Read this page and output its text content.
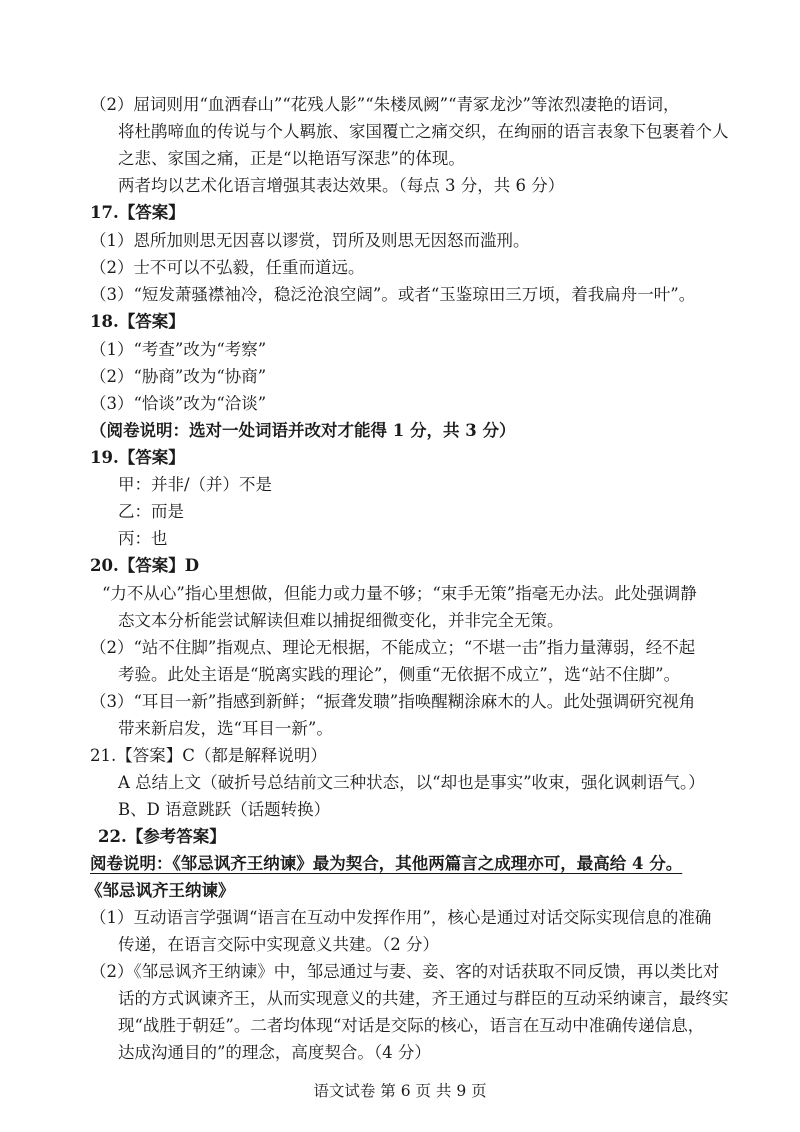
（2）屈词则用“血洒春山”“花残人影”“朱楼凤阙”“青冢龙沙”等浓烈凄艳的语词，
将杜鹃啼血的传说与个人羁旅、家国覆亡之痛交织，在绚丽的语言表象下包裹着个人
之悲、家国之痛，正是“以艳语写深悲”的体现。
两者均以艺术化语言增强其表达效果。（每点 3 分，共 6 分）
17.【答案】
（1）恩所加则思无因喜以谬赏，罚所及则思无因怒而滥刑。
（2）士不可以不弘毅，任重而道远。
（3）“短发萧骚襟袖冷，稳泛沧浪空阔”。或者“玉鉴琼田三万顷，着我扁舟一叶”。
18.【答案】
（1）“考查”改为“考察”
（2）“胁商”改为“协商”
（3）“恰谈”改为“洽谈”
（阅卷说明：选对一处词语并改对才能得 1 分，共 3 分）
19.【答案】
甲：并非/（并）不是
乙：而是
丙：也
20.【答案】D
“力不从心”指心里想做，但能力或力量不够；“束手无策”指毫无办法。此处强调静
态文本分析能尝试解读但难以捕捉细微变化，并非完全无策。
（2）“站不住脚”指观点、理论无根据，不能成立；“不堪一击”指力量薄弱，经不起
考验。此处主语是“脱离实践的理论”，侧重“无依据不成立”，选“站不住脚”。
（3）“耳目一新”指感到新鲜；“振聋发聩”指唤醒糊涂麻木的人。此处强调研究视角
带来新启发，选“耳目一新”。
21.【答案】C（都是解释说明）
A 总结上文（破折号总结前文三种状态，以“却也是事实”收束，强化讽刺语气。）
B、D 语意跳跃（话题转换）
22.【参考答案】
阅卷说明：《邹忌讽齐王纳谏》最为契合，其他两篇言之成理亦可，最高给 4 分。
《邹忌讽齐王纳谏》
（1）互动语言学强调“语言在互动中发挥作用”，核心是通过对话交际实现信息的准确
传递，在语言交际中实现意义共建。（2 分）
（2）《邹忌讽齐王纳谏》中，邹忌通过与妻、妾、客的对话获取不同反馈，再以类比对
话的方式讽谏齐王，从而实现意义的共建，齐王通过与群臣的互动采纳谏言，最终实
现“战胜于朝廷”。二者均体现“对话是交际的核心，语言在互动中准确传递信息，
达成沟通目的”的理念，高度契合。（4 分）
语文试卷 第 6 页 共 9 页
